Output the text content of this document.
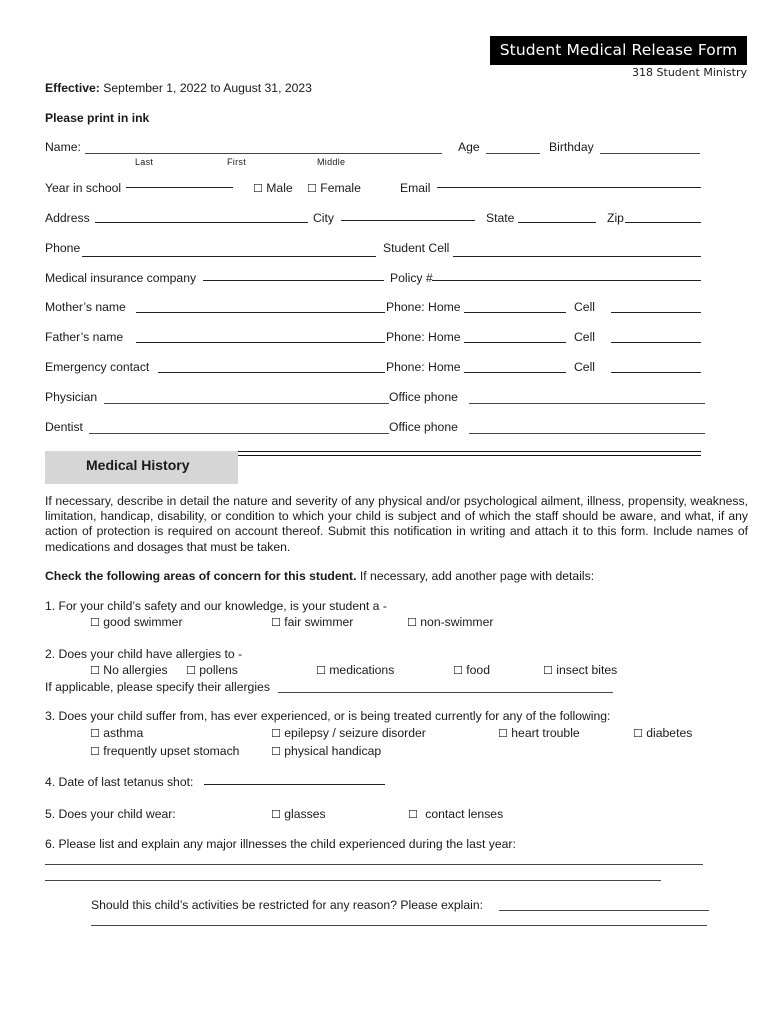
Student Medical Release Form
318 Student Ministry
Effective: September 1, 2022 to August 31, 2023
Please print in ink
Name:
Last	First	Middle
Age	Birthday
Year in school	☐ Male ☐ Female	Email
Address	City	State	Zip
Phone	Student Cell
Medical insurance company	Policy #
Mother’s name	Phone: Home	Cell
Father’s name	Phone: Home	Cell
Emergency contact	Phone: Home	Cell
Physician	Office phone
Dentist	Office phone
Medical History
If necessary, describe in detail the nature and severity of any physical and/or psychological ailment, illness, propensity, weakness, limitation, handicap, disability, or condition to which your child is subject and of which the staff should be aware, and what, if any action of protection is required on account thereof. Submit this notification in writing and attach it to this form. Include names of medications and dosages that must be taken.
Check the following areas of concern for this student. If necessary, add another page with details:
1. For your child’s safety and our knowledge, is your student a -
☐ good swimmer	☐ fair swimmer	☐ non-swimmer
2. Does your child have allergies to -
☐ No allergies ☐ pollens	☐ medications	☐ food	☐ insect bites
If applicable, please specify their allergies
3. Does your child suffer from, has ever experienced, or is being treated currently for any of the following:
☐ asthma	☐ epilepsy / seizure disorder	☐ heart trouble	☐ diabetes
☐ frequently upset stomach	☐ physical handicap
4. Date of last tetanus shot:
5. Does your child wear:	☐ glasses	☐ contact lenses
6. Please list and explain any major illnesses the child experienced during the last year:
Should this child’s activities be restricted for any reason? Please explain:
